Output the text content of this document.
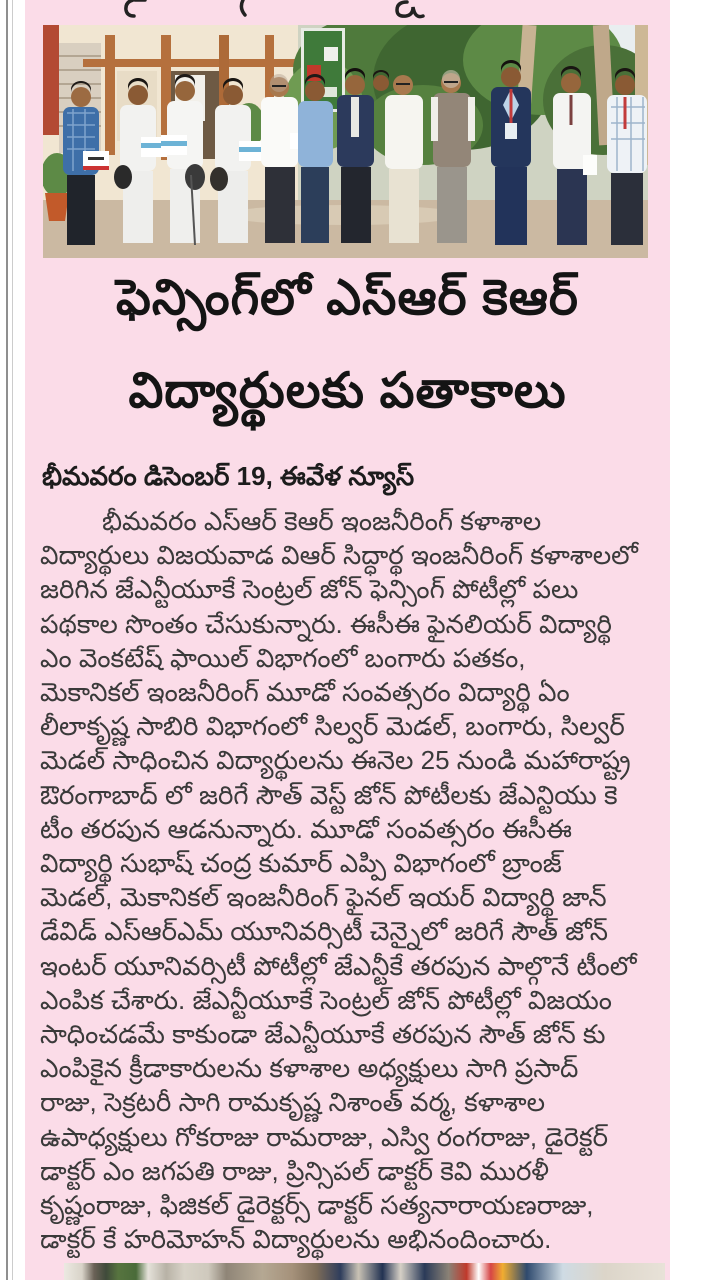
ఫెన్సింగ్‌లో ఎస్‌ఆర్ కెఆర్
విద్యార్థులకు పతాకాలు
భీమవరం డిసెంబర్ 19, ఈవేళ న్యూస్
భీమవరం ఎస్‌ఆర్ కెఆర్ ఇంజనీరింగ్ కళాశాల
విద్యార్థులు విజయవాడ విఆర్ సిద్ధార్థ ఇంజనీరింగ్ కళాశాలలో
జరిగిన జేఎన్టీయూకే సెంట్రల్ జోన్ ఫెన్సింగ్ పోటీల్లో పలు
పథకాల సొంతం చేసుకున్నారు. ఈసీఈ ఫైనలియర్ విద్యార్థి
ఎం వెంకటేష్ ఫాయిల్ విభాగంలో బంగారు పతకం,
మెకానికల్ ఇంజనీరింగ్ మూడో సంవత్సరం విద్యార్థి ఏం
లీలాకృష్ణ సాబిరి విభాగంలో సిల్వర్ మెడల్, బంగారు, సిల్వర్
మెడల్ సాధించిన విద్యార్థులను ఈనెల 25 నుండి మహారాష్ట్ర
ఔరంగాబాద్ లో జరిగే సౌత్ వెస్ట్ జోన్ పోటీలకు జేఎన్టియు కె
టీం తరపున ఆడనున్నారు. మూడో సంవత్సరం ఈసీఈ
విద్యార్థి సుభాష్ చంద్ర కుమార్ ఎప్పి విభాగంలో బ్రాంజ్
మెడల్, మెకానికల్ ఇంజనీరింగ్ ఫైనల్ ఇయర్ విద్యార్థి జాన్
డేవిడ్ ఎస్ఆర్ఎమ్ యూనివర్సిటీ చెన్నైలో జరిగే సౌత్ జోన్
ఇంటర్ యూనివర్సిటీ పోటీల్లో జేఎన్టీకే తరపున పాల్గొనే టీంలో
ఎంపిక చేశారు. జేఎన్టీయూకే సెంట్రల్ జోన్ పోటీల్లో విజయం
సాధించడమే కాకుండా జేఎన్టీయూకే తరపున సౌత్ జోన్ కు
ఎంపికైన క్రీడాకారులను కళాశాల అధ్యక్షులు సాగి ప్రసాద్
రాజు, సెక్రటరీ సాగి రామకృష్ణ నిశాంత్ వర్మ, కళాశాల
ఉపాధ్యక్షులు గోకరాజు రామరాజు, ఎస్వి రంగరాజు, డైరెక్టర్
డాక్టర్ ఎం జగపతి రాజు, ప్రిన్సిపల్ డాక్టర్ కెవి మురళీ
కృష్ణంరాజు, ఫిజికల్ డైరెక్టర్స్ డాక్టర్ సత్యనారాయణరాజు,
డాక్టర్ కే హరిమోహన్ విద్యార్థులను అభినందించారు.
